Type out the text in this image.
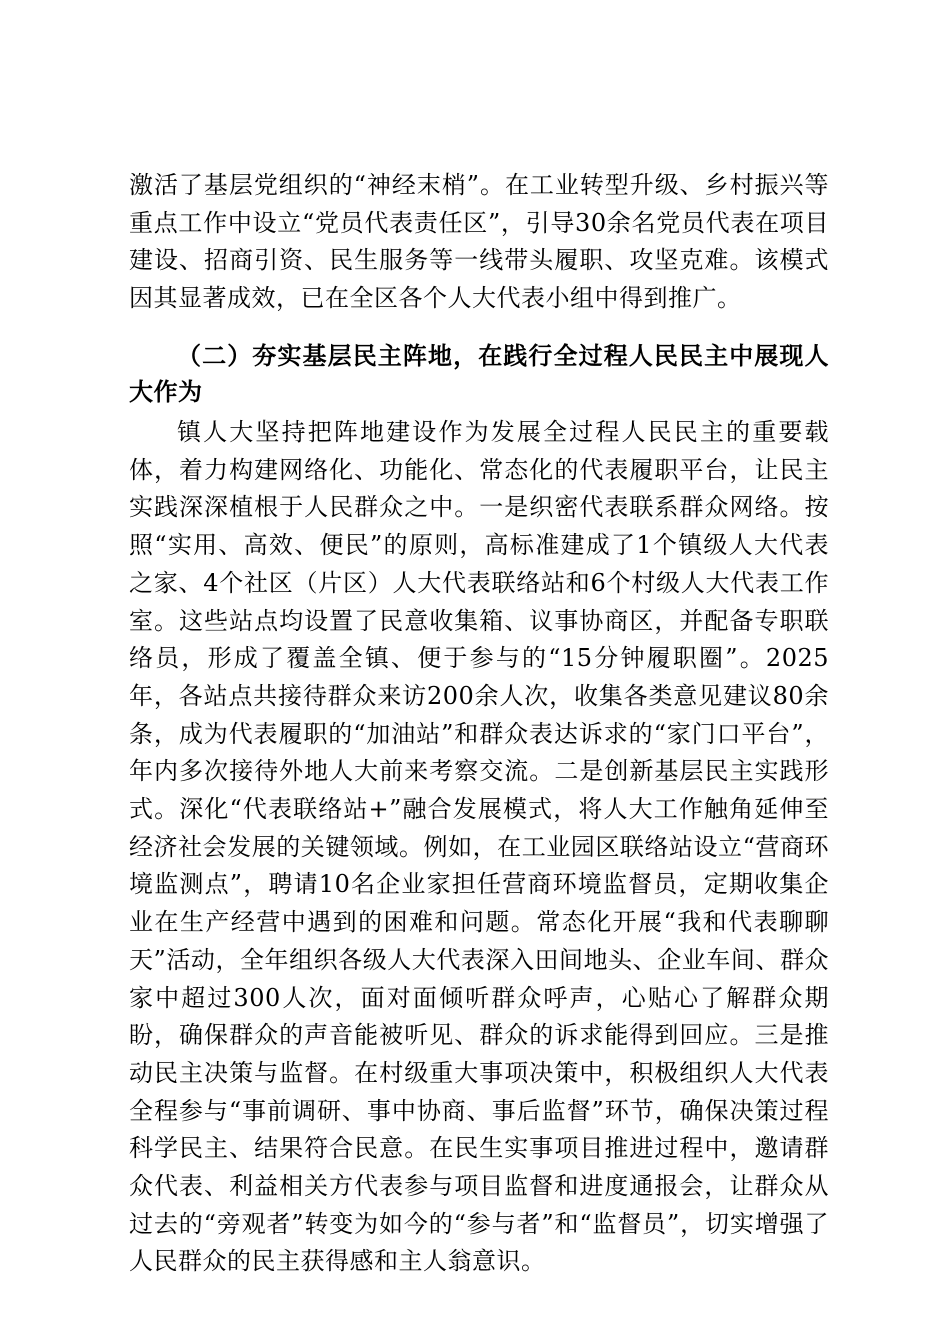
激活了基层党组织的“神经末梢”。在工业转型升级、乡村振兴等重点工作中设立“党员代表责任区”，引导30余名党员代表在项目建设、招商引资、民生服务等一线带头履职、攻坚克难。该模式因其显著成效，已在全区各个人大代表小组中得到推广。

（二）夯实基层民主阵地，在践行全过程人民民主中展现人大作为

镇人大坚持把阵地建设作为发展全过程人民民主的重要载体，着力构建网络化、功能化、常态化的代表履职平台，让民主实践深深植根于人民群众之中。一是织密代表联系群众网络。按照“实用、高效、便民”的原则，高标准建成了1个镇级人大代表之家、4个社区（片区）人大代表联络站和6个村级人大代表工作室。这些站点均设置了民意收集箱、议事协商区，并配备专职联络员，形成了覆盖全镇、便于参与的“15分钟履职圈”。2025年，各站点共接待群众来访200余人次，收集各类意见建议80余条，成为代表履职的“加油站”和群众表达诉求的“家门口平台”，年内多次接待外地人大前来考察交流。二是创新基层民主实践形式。深化“代表联络站+”融合发展模式，将人大工作触角延伸至经济社会发展的关键领域。例如，在工业园区联络站设立“营商环境监测点”，聘请10名企业家担任营商环境监督员，定期收集企业在生产经营中遇到的困难和问题。常态化开展“我和代表聊聊天”活动，全年组织各级人大代表深入田间地头、企业车间、群众家中超过300人次，面对面倾听群众呼声，心贴心了解群众期盼，确保群众的声音能被听见、群众的诉求能得到回应。三是推动民主决策与监督。在村级重大事项决策中，积极组织人大代表全程参与“事前调研、事中协商、事后监督”环节，确保决策过程科学民主、结果符合民意。在民生实事项目推进过程中，邀请群众代表、利益相关方代表参与项目监督和进度通报会，让群众从过去的“旁观者”转变为如今的“参与者”和“监督员”，切实增强了人民群众的民主获得感和主人翁意识。
